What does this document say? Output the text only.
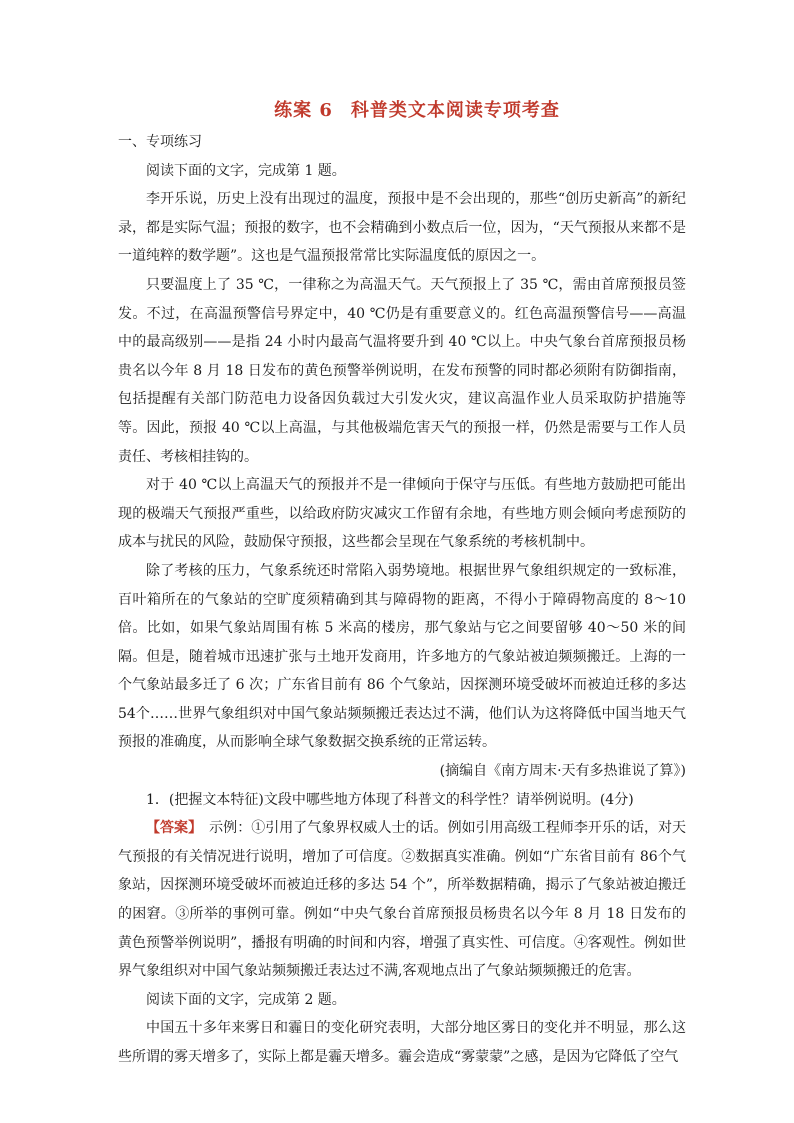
练案 6 科普类文本阅读专项考查

一、专项练习

阅读下面的文字，完成第 1 题。

李开乐说，历史上没有出现过的温度，预报中是不会出现的，那些“创历史新高”的新纪录，都是实际气温；预报的数字，也不会精确到小数点后一位，因为，“天气预报从来都不是一道纯粹的数学题”。这也是气温预报常常比实际温度低的原因之一。

只要温度上了 35 ℃，一律称之为高温天气。天气预报上了 35 ℃，需由首席预报员签发。不过，在高温预警信号界定中，40 ℃仍是有重要意义的。红色高温预警信号——高温中的最高级别——是指 24 小时内最高气温将要升到 40 ℃以上。中央气象台首席预报员杨贵名以今年 8 月 18 日发布的黄色预警举例说明，在发布预警的同时都必须附有防御指南，包括提醒有关部门防范电力设备因负载过大引发火灾，建议高温作业人员采取防护措施等等。因此，预报 40 ℃以上高温，与其他极端危害天气的预报一样，仍然是需要与工作人员责任、考核相挂钩的。

对于 40 ℃以上高温天气的预报并不是一律倾向于保守与压低。有些地方鼓励把可能出现的极端天气预报严重些，以给政府防灾减灾工作留有余地，有些地方则会倾向考虑预防的成本与扰民的风险，鼓励保守预报，这些都会呈现在气象系统的考核机制中。

除了考核的压力，气象系统还时常陷入弱势境地。根据世界气象组织规定的一致标准，百叶箱所在的气象站的空旷度须精确到其与障碍物的距离，不得小于障碍物高度的 8～10倍。比如，如果气象站周围有栋 5 米高的楼房，那气象站与它之间要留够 40～50 米的间隔。但是，随着城市迅速扩张与土地开发商用，许多地方的气象站被迫频频搬迁。上海的一个气象站最多迁了 6 次；广东省目前有 86 个气象站，因探测环境受破坏而被迫迁移的多达 54个……世界气象组织对中国气象站频频搬迁表达过不满，他们认为这将降低中国当地天气预报的准确度，从而影响全球气象数据交换系统的正常运转。

(摘编自《南方周末·天有多热谁说了算》)

1．(把握文本特征)文段中哪些地方体现了科普文的科学性？请举例说明。(4分)

【答案】　 示例：①引用了气象界权威人士的话。例如引用高级工程师李开乐的话，对天气预报的有关情况进行说明，增加了可信度。②数据真实准确。例如“广东省目前有 86个气象站，因探测环境受破坏而被迫迁移的多达 54 个”，所举数据精确，揭示了气象站被迫搬迁的困窘。③所举的事例可靠。例如“中央气象台首席预报员杨贵名以今年 8 月 18 日发布的黄色预警举例说明”，播报有明确的时间和内容，增强了真实性、可信度。④客观性。例如世界气象组织对中国气象站频频搬迁表达过不满,客观地点出了气象站频频搬迁的危害。

阅读下面的文字，完成第 2 题。

中国五十多年来雾日和霾日的变化研究表明，大部分地区雾日的变化并不明显，那么这些所谓的雾天增多了，实际上都是霾天增多。霾会造成“雾蒙蒙”之感，是因为它降低了空气
